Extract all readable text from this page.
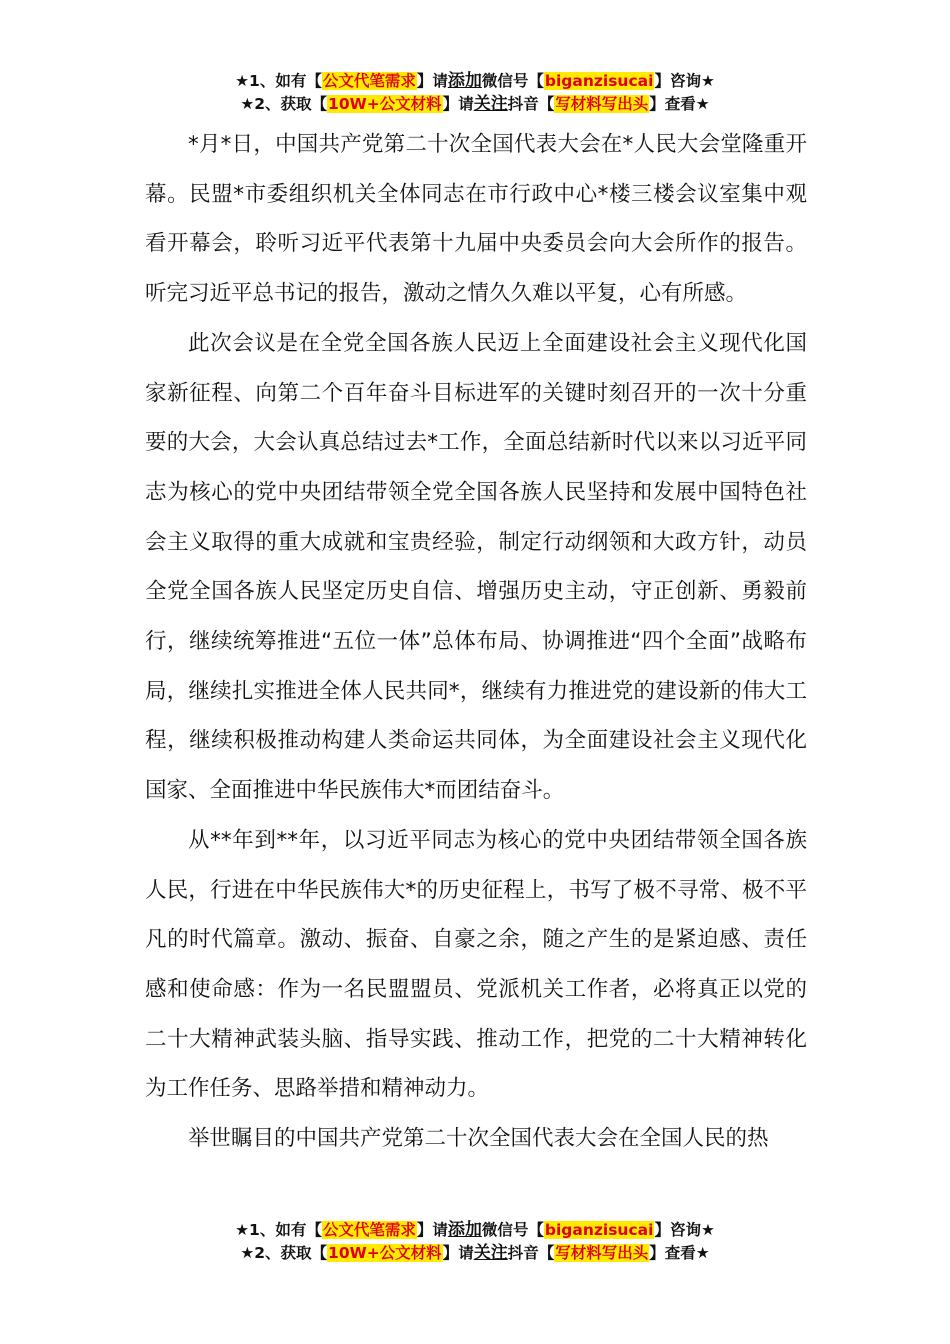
★1、如有【公文代笔需求】请添加微信号【biganzisucai】咨询★
★2、获取【10W+公文材料】请关注抖音【写材料写出头】查看★

*月*日，中国共产党第二十次全国代表大会在*人民大会堂隆重开幕。民盟*市委组织机关全体同志在市行政中心*楼三楼会议室集中观看开幕会，聆听习近平代表第十九届中央委员会向大会所作的报告。听完习近平总书记的报告，激动之情久久难以平复，心有所感。

此次会议是在全党全国各族人民迈上全面建设社会主义现代化国家新征程、向第二个百年奋斗目标进军的关键时刻召开的一次十分重要的大会，大会认真总结过去*工作，全面总结新时代以来以习近平同志为核心的党中央团结带领全党全国各族人民坚持和发展中国特色社会主义取得的重大成就和宝贵经验，制定行动纲领和大政方针，动员全党全国各族人民坚定历史自信、增强历史主动，守正创新、勇毅前行，继续统筹推进“五位一体”总体布局、协调推进“四个全面”战略布局，继续扎实推进全体人民共同*，继续有力推进党的建设新的伟大工程，继续积极推动构建人类命运共同体，为全面建设社会主义现代化国家、全面推进中华民族伟大*而团结奋斗。

从**年到**年，以习近平同志为核心的党中央团结带领全国各族人民，行进在中华民族伟大*的历史征程上，书写了极不寻常、极不平凡的时代篇章。激动、振奋、自豪之余，随之产生的是紧迫感、责任感和使命感：作为一名民盟盟员、党派机关工作者，必将真正以党的二十大精神武装头脑、指导实践、推动工作，把党的二十大精神转化为工作任务、思路举措和精神动力。

举世瞩目的中国共产党第二十次全国代表大会在全国人民的热

★1、如有【公文代笔需求】请添加微信号【biganzisucai】咨询★
★2、获取【10W+公文材料】请关注抖音【写材料写出头】查看★
